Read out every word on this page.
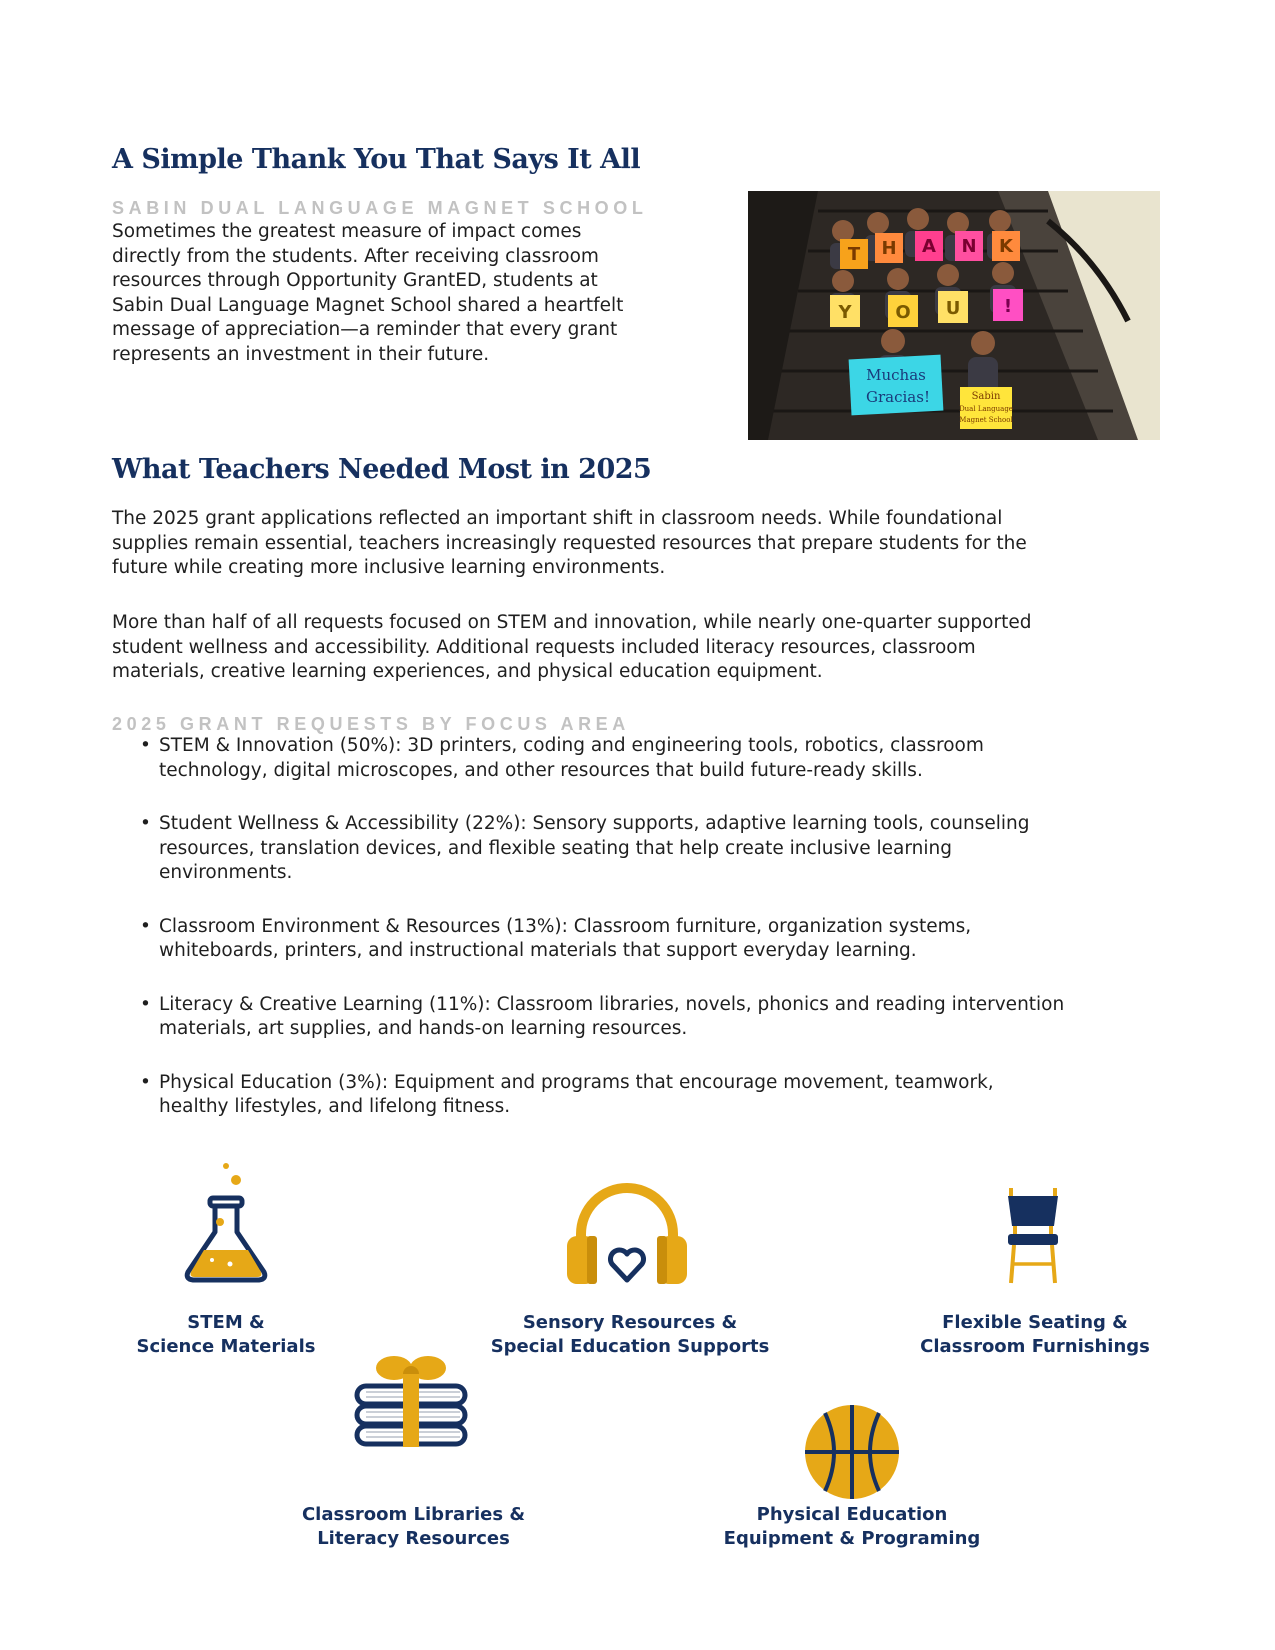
A Simple Thank You That Says It All

SABIN DUAL LANGUAGE MAGNET SCHOOL

Sometimes the greatest measure of impact comes
directly from the students. After receiving classroom
resources through Opportunity GrantED, students at
Sabin Dual Language Magnet School shared a heartfelt
message of appreciation—a reminder that every grant
represents an investment in their future.
T H A N K
Y O U !
Muchas
Gracias!	Sabin
Dual Language
Magnet School
What Teachers Needed Most in 2025
The 2025 grant applications reflected an important shift in classroom needs. While foundational
supplies remain essential, teachers increasingly requested resources that prepare students for the
future while creating more inclusive learning environments.
More than half of all requests focused on STEM and innovation, while nearly one-quarter supported
student wellness and accessibility. Additional requests included literacy resources, classroom
materials, creative learning experiences, and physical education equipment.

2025 GRANT REQUESTS BY FOCUS AREA

• STEM & Innovation (50%): 3D printers, coding and engineering tools, robotics, classroom
technology, digital microscopes, and other resources that build future-ready skills.
• Student Wellness & Accessibility (22%): Sensory supports, adaptive learning tools, counseling
resources, translation devices, and flexible seating that help create inclusive learning
environments.
• Classroom Environment & Resources (13%): Classroom furniture, organization systems,
whiteboards, printers, and instructional materials that support everyday learning.
• Literacy & Creative Learning (11%): Classroom libraries, novels, phonics and reading intervention
materials, art supplies, and hands-on learning resources.
• Physical Education (3%): Equipment and programs that encourage movement, teamwork,
healthy lifestyles, and lifelong fitness.

STEM &
Science Materials

Sensory Resources &
Special Education Supports

Flexible Seating &
Classroom Furnishings

Classroom Libraries &
Literacy Resources

Physical Education
Equipment & Programing
